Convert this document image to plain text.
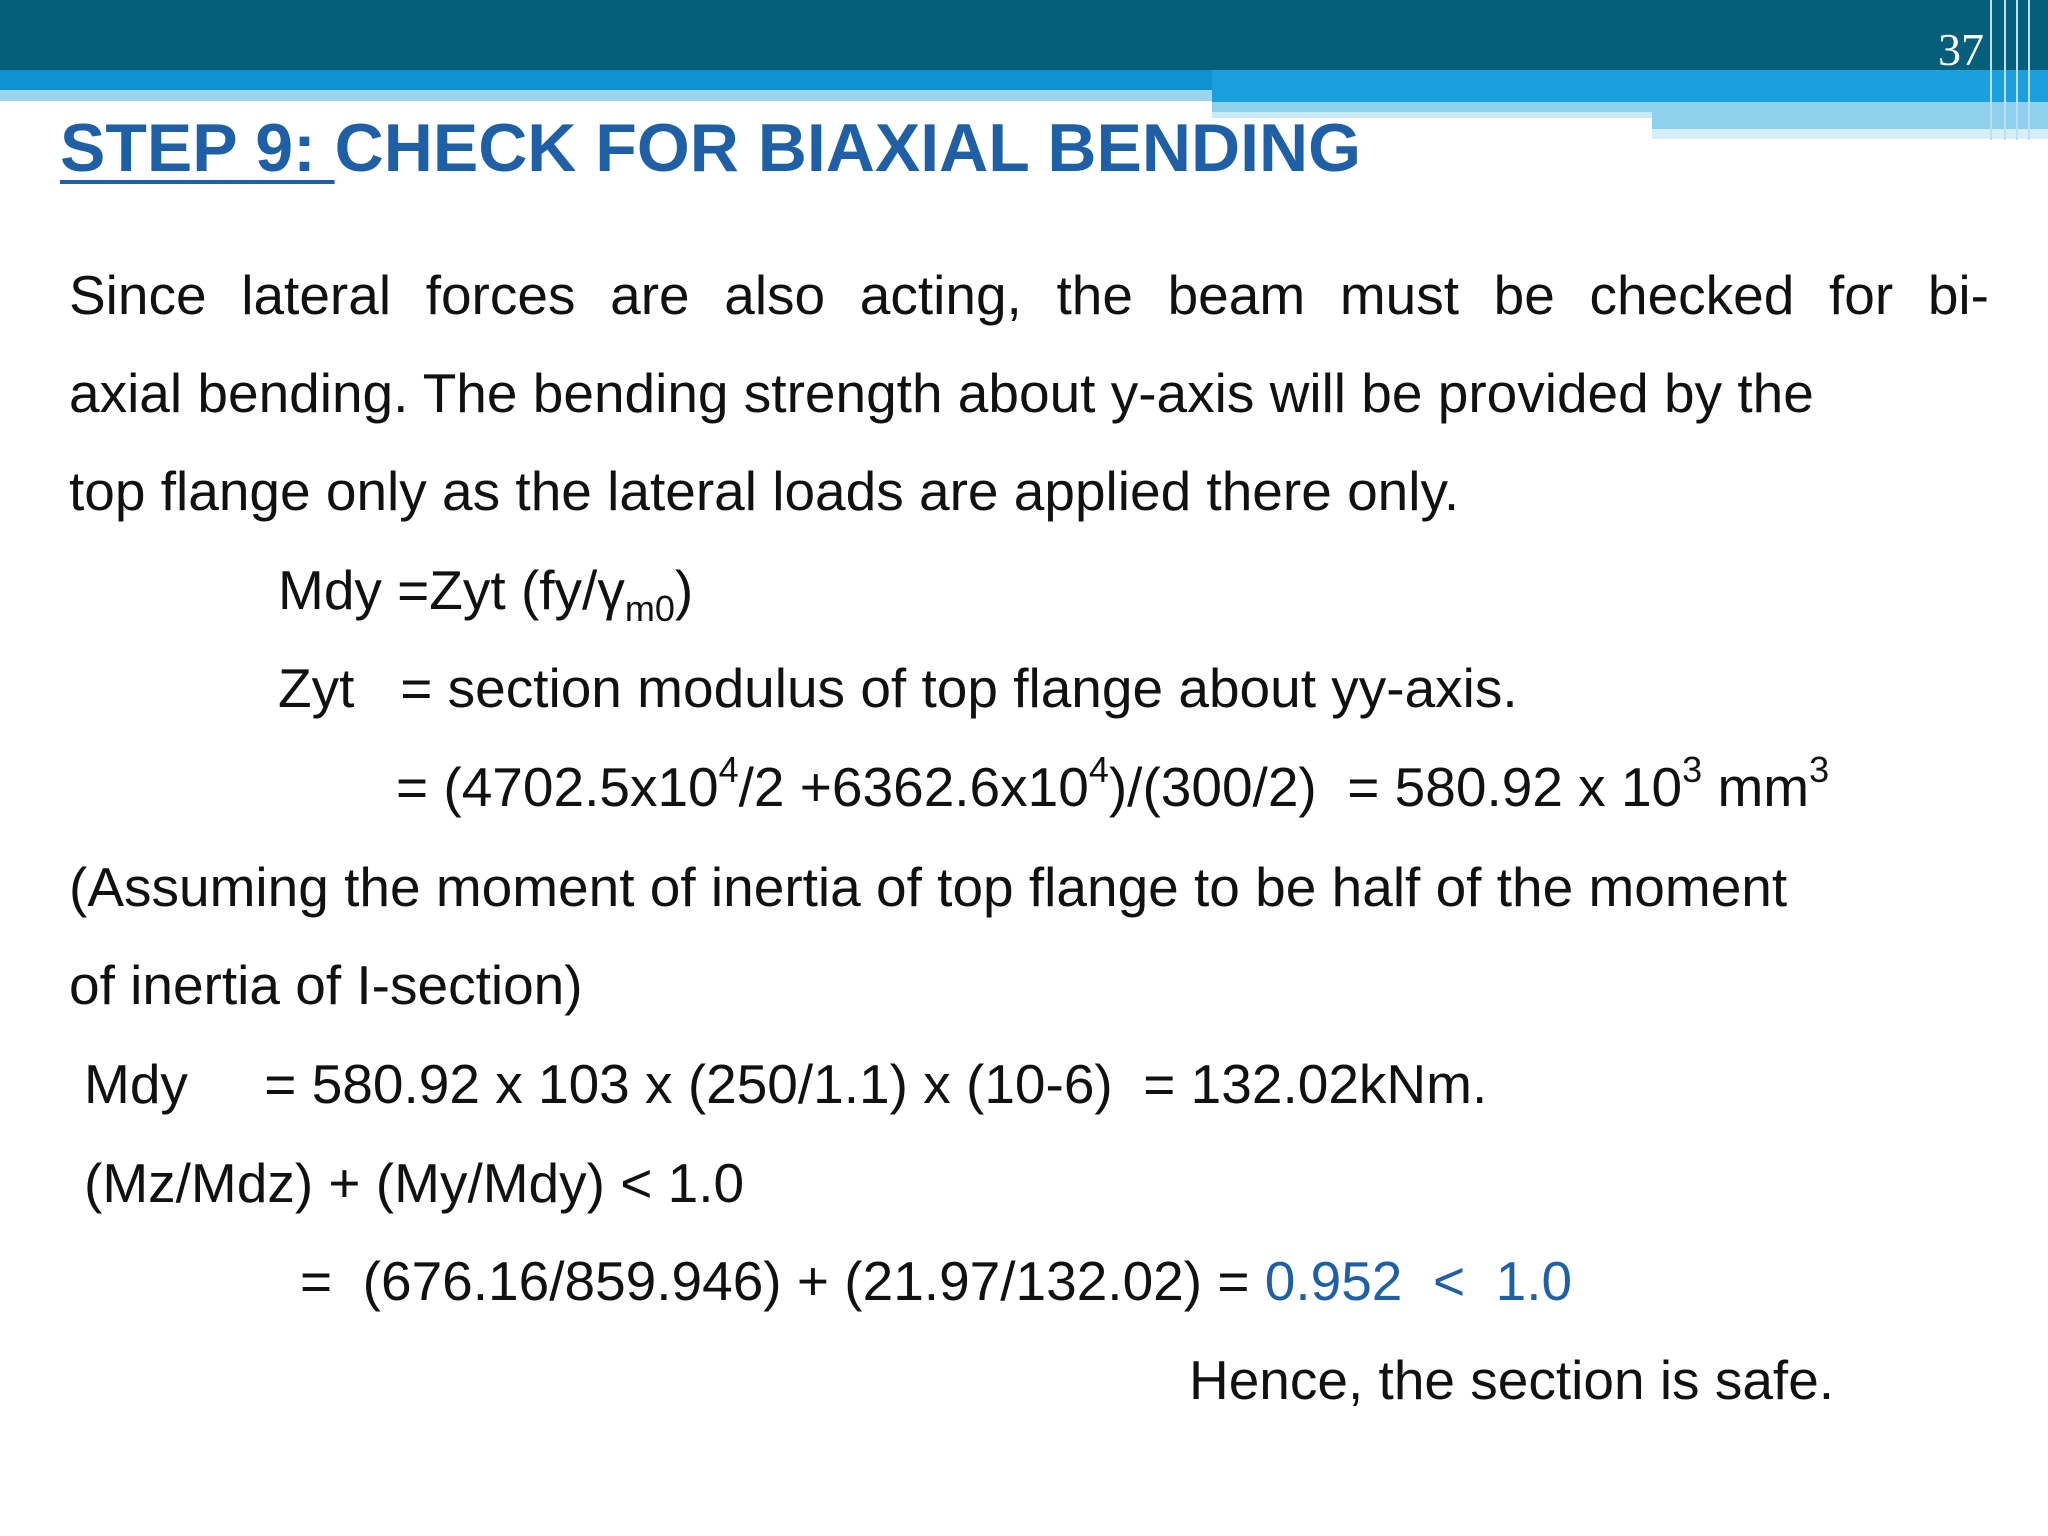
37
STEP 9: CHECK FOR BIAXIAL BENDING
Since lateral forces are also acting, the beam must be checked for bi-
axial bending. The bending strength about y-axis will be provided by the
top flange only as the lateral loads are applied there only.
Mdy =Zyt $(fy/\gamma_{m0})$
Zyt   = section modulus of top flange about yy-axis.
= $(4702.5x10^4/2 +6362.6x10^4)/(300/2) = 580.92$ x $10^3$ $mm^3$
(Assuming the moment of inertia of top flange to be half of the moment
of inertia of I-section)
Mdy     = 580.92 x 103 x (250/1.1) x (10-6)  = 132.02kNm.
(Mz/Mdz) + (My/Mdy) < 1.0
=  (676.16/859.946) + (21.97/132.02) = 0.952  <  1.0
Hence, the section is safe.
